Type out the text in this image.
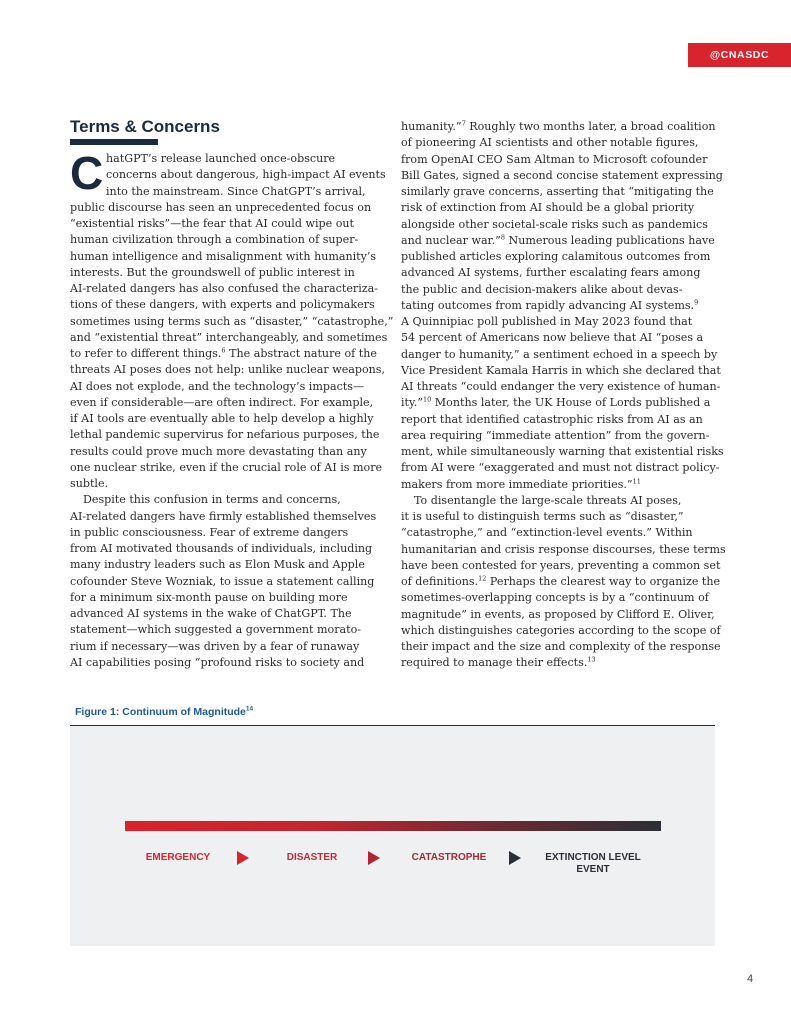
@CNASDC
Terms & Concerns
C hatGPT’s release launched once-obscure
concerns about dangerous, high-impact AI events
into the mainstream. Since ChatGPT’s arrival,
public discourse has seen an unprecedented focus on
“existential risks”—the fear that AI could wipe out
human civilization through a combination of super-
human intelligence and misalignment with humanity’s
interests. But the groundswell of public interest in
AI-related dangers has also confused the characteriza-
tions of these dangers, with experts and policymakers
sometimes using terms such as “disaster,” “catastrophe,”
and “existential threat” interchangeably, and sometimes
to refer to different things.$^6$ The abstract nature of the
threats AI poses does not help: unlike nuclear weapons,
AI does not explode, and the technology’s impacts—
even if considerable—are often indirect. For example,
if AI tools are eventually able to help develop a highly
lethal pandemic supervirus for nefarious purposes, the
results could prove much more devastating than any
one nuclear strike, even if the crucial role of AI is more
subtle.
Despite this confusion in terms and concerns,
AI-related dangers have firmly established themselves
in public consciousness. Fear of extreme dangers
from AI motivated thousands of individuals, including
many industry leaders such as Elon Musk and Apple
cofounder Steve Wozniak, to issue a statement calling
for a minimum six-month pause on building more
advanced AI systems in the wake of ChatGPT. The
statement—which suggested a government morato-
rium if necessary—was driven by a fear of runaway
AI capabilities posing “profound risks to society and
humanity.”$^7$ Roughly two months later, a broad coalition
of pioneering AI scientists and other notable figures,
from OpenAI CEO Sam Altman to Microsoft cofounder
Bill Gates, signed a second concise statement expressing
similarly grave concerns, asserting that “mitigating the
risk of extinction from AI should be a global priority
alongside other societal-scale risks such as pandemics
and nuclear war.”$^8$ Numerous leading publications have
published articles exploring calamitous outcomes from
advanced AI systems, further escalating fears among
the public and decision-makers alike about devas-
tating outcomes from rapidly advancing AI systems.$^9$
A Quinnipiac poll published in May 2023 found that
54 percent of Americans now believe that AI “poses a
danger to humanity,” a sentiment echoed in a speech by
Vice President Kamala Harris in which she declared that
AI threats “could endanger the very existence of human-
ity.”$^{10}$ Months later, the UK House of Lords published a
report that identified catastrophic risks from AI as an
area requiring “immediate attention” from the govern-
ment, while simultaneously warning that existential risks
from AI were “exaggerated and must not distract policy-
makers from more immediate priorities.”$^{11}$
To disentangle the large-scale threats AI poses,
it is useful to distinguish terms such as “disaster,”
“catastrophe,” and “extinction-level events.” Within
humanitarian and crisis response discourses, these terms
have been contested for years, preventing a common set
of definitions.$^{12}$ Perhaps the clearest way to organize the
sometimes-overlapping concepts is by a “continuum of
magnitude” in events, as proposed by Clifford E. Oliver,
which distinguishes categories according to the scope of
their impact and the size and complexity of the response
required to manage their effects.$^{13}$
Figure 1: Continuum of Magnitude$^{14}$
EMERGENCY	DISASTER	CATASTROPHE	EXTINCTION LEVEL
EVENT
4
